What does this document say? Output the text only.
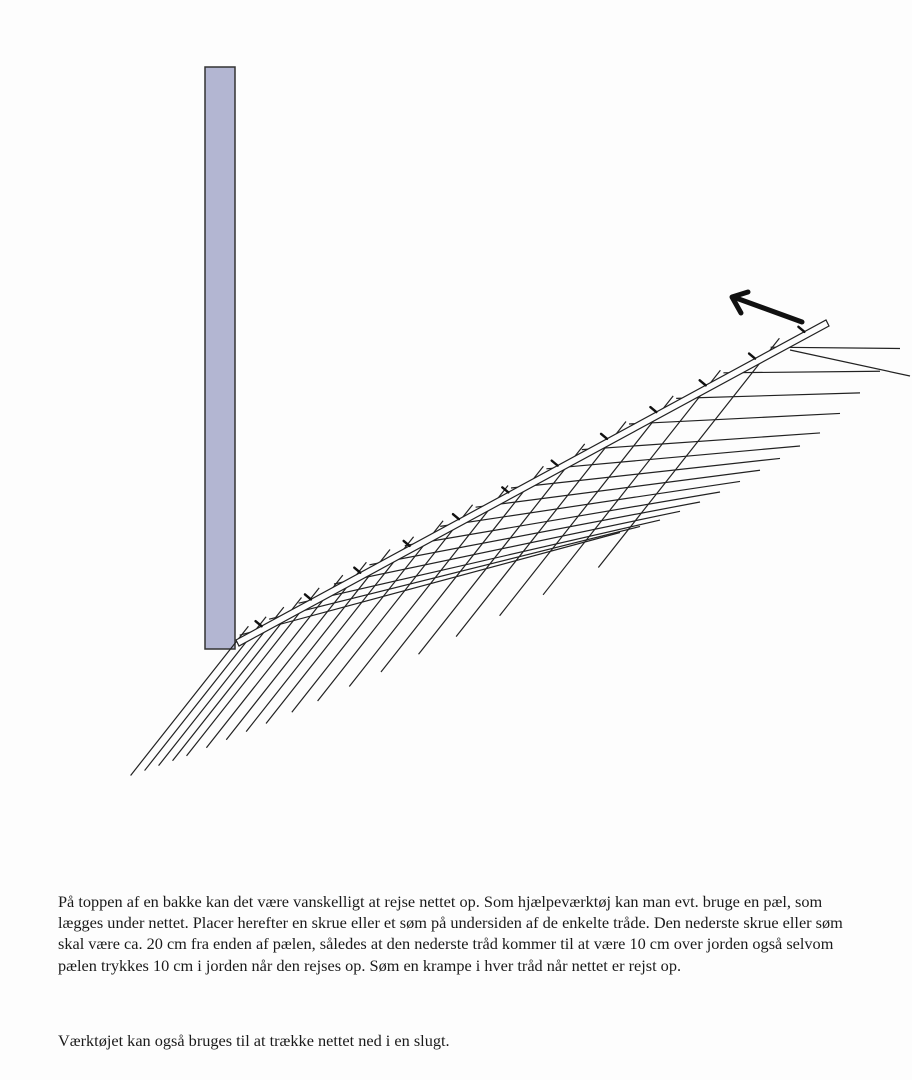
På toppen af en bakke kan det være vanskelligt at rejse nettet op. Som hjælpeværktøj kan man evt. bruge en pæl, som lægges under nettet. Placer herefter en skrue eller et søm på undersiden af de enkelte tråde. Den nederste skrue eller søm skal være ca. 20 cm fra enden af pælen, således at den nederste tråd kommer til at være 10 cm over jorden også selvom pælen trykkes 10 cm i jorden når den rejses op. Søm en krampe i hver tråd når nettet er rejst op.

Værktøjet kan også bruges til at trække nettet ned i en slugt.
